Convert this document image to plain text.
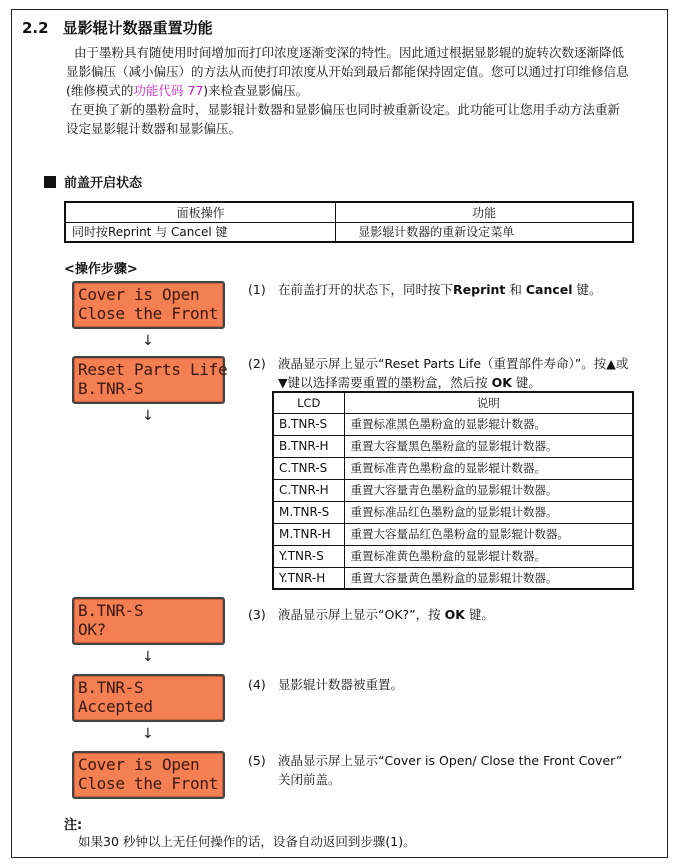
2.2 显影辊计数器重置功能

由于墨粉具有随使用时间增加而打印浓度逐渐变深的特性。因此通过根据显影辊的旋转次数逐渐降低显影偏压（减小偏压）的方法从而使打印浓度从开始到最后都能保持固定值。您可以通过打印维修信息(维修模式的功能代码 77)来检查显影偏压。

在更换了新的墨粉盒时，显影辊计数器和显影偏压也同时被重新设定。此功能可让您用手动方法重新设定显影辊计数器和显影偏压。

前盖开启状态
面板操作	功能
同时按Reprint 与 Cancel 键	显影辊计数器的重新设定菜单
<操作步骤>
Cover is Open
Close the Front
↓
Reset Parts Life
B.TNR-S
↓
B.TNR-S
OK?
↓
B.TNR-S
Accepted
↓
Cover is Open
Close the Front
(1) 在前盖打开的状态下，同时按下Reprint 和 Cancel 键。
(2) 液晶显示屏上显示“Reset Parts Life（重置部件寿命）”。按▲或▼键以选择需要重置的墨粉盒，然后按 OK 键。
LCD	说明
B.TNR-S	重置标准黑色墨粉盒的显影辊计数器。
B.TNR-H	重置大容量黑色墨粉盒的显影辊计数器。
C.TNR-S	重置标准青色墨粉盒的显影辊计数器。
C.TNR-H	重置大容量青色墨粉盒的显影辊计数器。
M.TNR-S	重置标准品红色墨粉盒的显影辊计数器。
M.TNR-H	重置大容量品红色墨粉盒的显影辊计数器。
Y.TNR-S	重置标准黄色墨粉盒的显影辊计数器。
Y.TNR-H	重置大容量黄色墨粉盒的显影辊计数器。
(3) 液晶显示屏上显示“OK?”，按 OK 键。
(4) 显影辊计数器被重置。
(5) 液晶显示屏上显示“Cover is Open/ Close the Front Cover” 关闭前盖。
注:
如果30 秒钟以上无任何操作的话，设备自动返回到步骤(1)。
